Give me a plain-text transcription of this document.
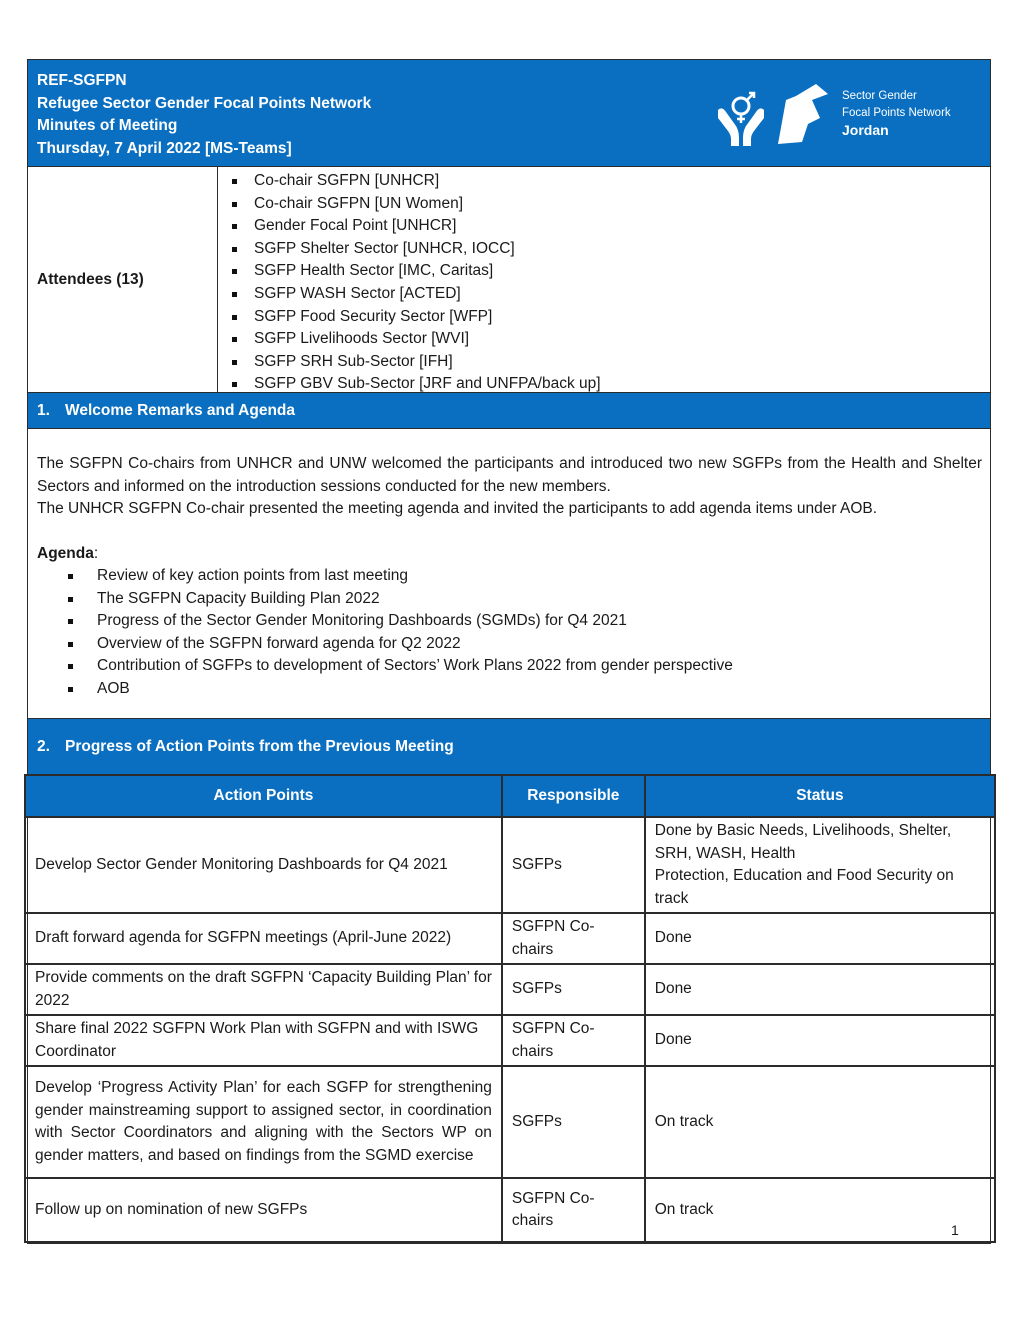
REF-SGFPN
Refugee Sector Gender Focal Points Network
Minutes of Meeting
Thursday, 7 April 2022 [MS-Teams]
Sector Gender
Focal Points Network
Jordan
Attendees (13)
Co-chair SGFPN [UNHCR]
Co-chair SGFPN [UN Women]
Gender Focal Point [UNHCR]
SGFP Shelter Sector [UNHCR, IOCC]
SGFP Health Sector [IMC, Caritas]
SGFP WASH Sector [ACTED]
SGFP Food Security Sector [WFP]
SGFP Livelihoods Sector [WVI]
SGFP SRH Sub-Sector [IFH]
SGFP GBV Sub-Sector [JRF and UNFPA/back up]
1. Welcome Remarks and Agenda

The SGFPN Co-chairs from UNHCR and UNW welcomed the participants and introduced two new SGFPs from the Health and Shelter Sectors and informed on the introduction sessions conducted for the new members.

The UNHCR SGFPN Co-chair presented the meeting agenda and invited the participants to add agenda items under AOB.

Agenda:
Review of key action points from last meeting
The SGFPN Capacity Building Plan 2022
Progress of the Sector Gender Monitoring Dashboards (SGMDs) for Q4 2021
Overview of the SGFPN forward agenda for Q2 2022
Contribution of SGFPs to development of Sectors’ Work Plans 2022 from gender perspective
AOB
2. Progress of Action Points from the Previous Meeting
Action Points	Responsible	Status
Develop Sector Gender Monitoring Dashboards for Q4 2021	SGFPs	Done by Basic Needs, Livelihoods, Shelter, SRH, WASH, Health
Protection, Education and Food Security on track

Draft forward agenda for SGFPN meetings (April-June 2022)	SGFPN Co-chairs	Done
Provide comments on the draft SGFPN ‘Capacity Building Plan’ for 2022	SGFPs	Done
Share final 2022 SGFPN Work Plan with SGFPN and with ISWG Coordinator	SGFPN Co-chairs	Done
Develop ‘Progress Activity Plan’ for each SGFP for strengthening gender mainstreaming support to assigned sector, in coordination with Sector Coordinators and aligning with the Sectors WP on gender matters, and based on findings from the SGMD exercise	SGFPs	On track
Follow up on nomination of new SGFPs	SGFPN Co-chairs	On track
1
